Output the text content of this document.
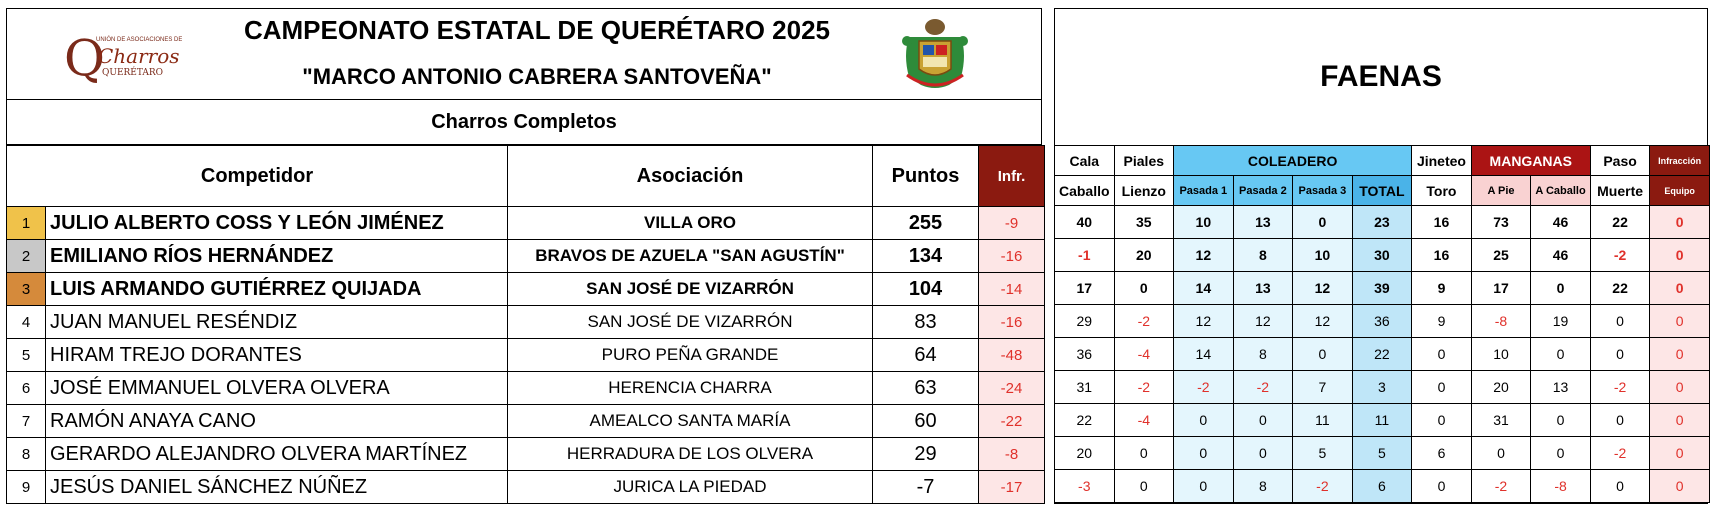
Q
UNIÓN DE ASOCIACIONES DE
Charros
QUERÉTARO
CAMPEONATO ESTATAL DE QUERÉTARO 2025
"MARCO ANTONIO CABRERA SANTOVEÑA"
Charros Completos
Competidor		Asociación	Puntos	Infr.
1	JULIO ALBERTO COSS Y LEÓN JIMÉNEZ	VILLA ORO	255	-9
2	EMILIANO RÍOS HERNÁNDEZ	BRAVOS DE AZUELA "SAN AGUSTÍN"	134	-16
3	LUIS ARMANDO GUTIÉRREZ QUIJADA	SAN JOSÉ DE VIZARRÓN	104	-14
4	JUAN MANUEL RESÉNDIZ	SAN JOSÉ DE VIZARRÓN	83	-16
5	HIRAM TREJO DORANTES	PURO PEÑA GRANDE	64	-48
6	JOSÉ EMMANUEL OLVERA OLVERA	HERENCIA CHARRA	63	-24
7	RAMÓN ANAYA CANO	AMEALCO SANTA MARÍA	60	-22
8	GERARDO ALEJANDRO OLVERA MARTÍNEZ	HERRADURA DE LOS OLVERA	29	-8
9	JESÚS DANIEL SÁNCHEZ NÚÑEZ	JURICA LA PIEDAD	-7	-17
FAENAS
Cala	Piales	COLEADERO				Jineteo	MANGANAS		Paso	Infracción
Caballo	Lienzo	Pasada 1	Pasada 2	Pasada 3	TOTAL	Toro	A Pie	A Caballo	Muerte	Equipo
40	35	10	13	0	23	16	73	46	22	0
-1	20	12	8	10	30	16	25	46	-2	0
17	0	14	13	12	39	9	17	0	22	0
29	-2	12	12	12	36	9	-8	19	0	0
36	-4	14	8	0	22	0	10	0	0	0
31	-2	-2	-2	7	3	0	20	13	-2	0
22	-4	0	0	11	11	0	31	0	0	0
20	0	0	0	5	5	6	0	0	-2	0
-3	0	0	8	-2	6	0	-2	-8	0	0
